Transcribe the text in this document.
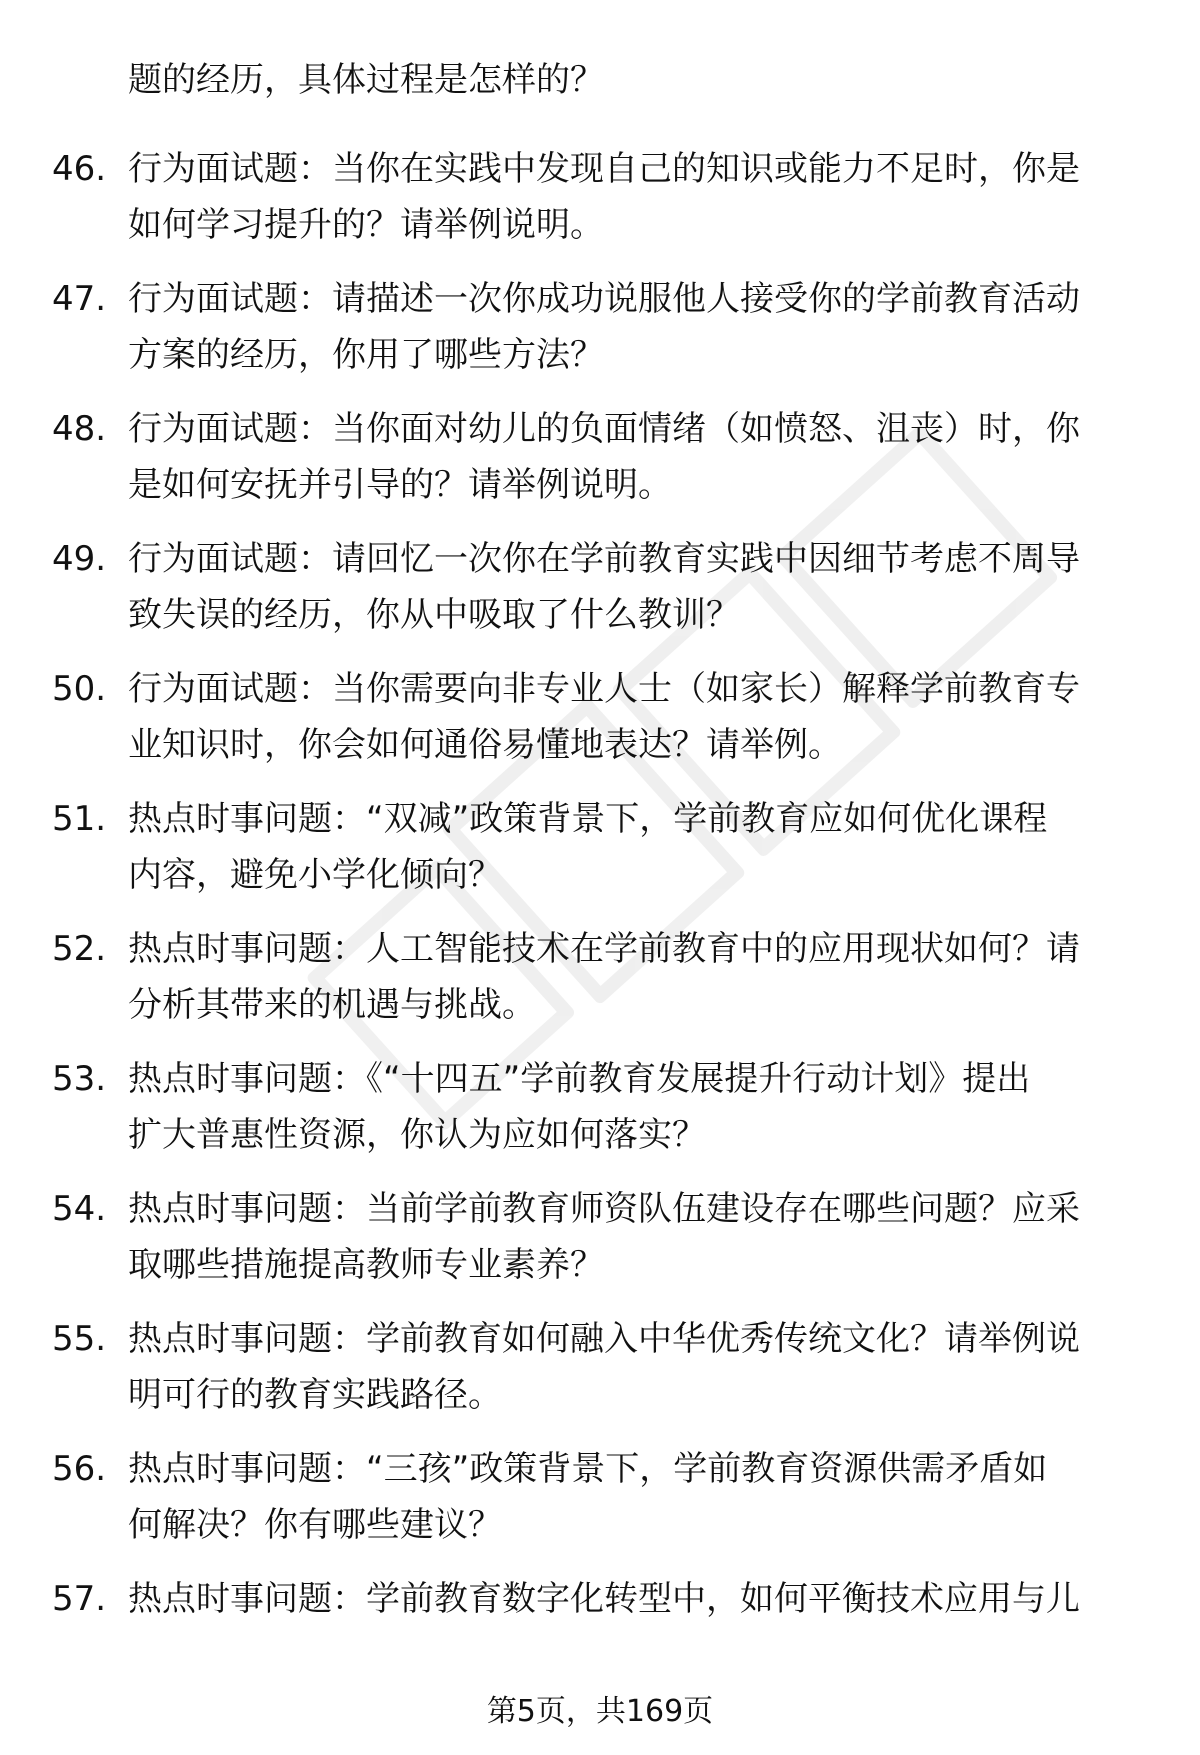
题的经历，具体过程是怎样的？
46. 行为面试题：当你在实践中发现自己的知识或能力不足时，你是
如何学习提升的？请举例说明。
47. 行为面试题：请描述一次你成功说服他人接受你的学前教育活动
方案的经历，你用了哪些方法？
48. 行为面试题：当你面对幼儿的负面情绪（如愤怒、沮丧）时，你
是如何安抚并引导的？请举例说明。
49. 行为面试题：请回忆一次你在学前教育实践中因细节考虑不周导
致失误的经历，你从中吸取了什么教训？
50. 行为面试题：当你需要向非专业人士（如家长）解释学前教育专
业知识时，你会如何通俗易懂地表达？请举例。
51. 热点时事问题：“双减”政策背景下，学前教育应如何优化课程
内容，避免小学化倾向？
52. 热点时事问题：人工智能技术在学前教育中的应用现状如何？请
分析其带来的机遇与挑战。
53. 热点时事问题：《“十四五”学前教育发展提升行动计划》提出
扩大普惠性资源，你认为应如何落实？
54. 热点时事问题：当前学前教育师资队伍建设存在哪些问题？应采
取哪些措施提高教师专业素养？
55. 热点时事问题：学前教育如何融入中华优秀传统文化？请举例说
明可行的教育实践路径。
56. 热点时事问题：“三孩”政策背景下，学前教育资源供需矛盾如
何解决？你有哪些建议？
57. 热点时事问题：学前教育数字化转型中，如何平衡技术应用与儿
第5页，共169页
